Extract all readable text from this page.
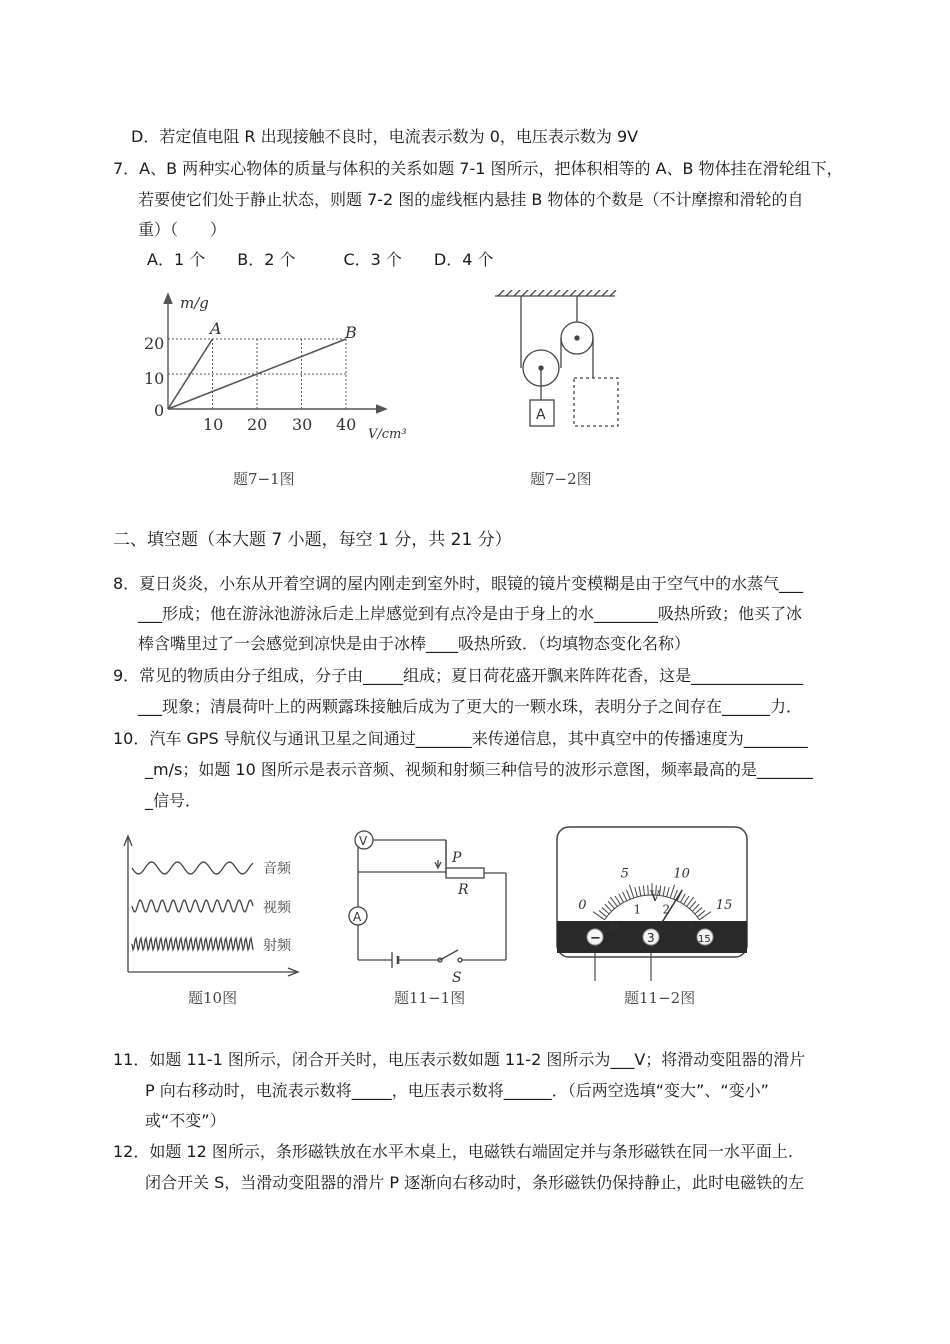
D．若定值电阻 R 出现接触不良时，电流表示数为 0，电压表示数为 9V
7．A、B 两种实心物体的质量与体积的关系如题 7-1 图所示，把体积相等的 A、B 物体挂在滑轮组下，
若要使它们处于静止状态，则题 7-2 图的虚线框内悬挂 B 物体的个数是（不计摩擦和滑轮的自
重）（　　）
A．1 个　　B．2 个　　　C．3 个　　D．4 个
m/g
V/cm³
0
10 20 30 40
10
20
A	B
题7−1图
A
题7−2图
二、填空题（本大题 7 小题，每空 1 分，共 21 分）
8．夏日炎炎，小东从开着空调的屋内刚走到室外时，眼镜的镜片变模糊是由于空气中的水蒸气___
___形成；他在游泳池游泳后走上岸感觉到有点冷是由于身上的水________吸热所致；他买了冰
棒含嘴里过了一会感觉到凉快是由于冰棒____吸热所致．（均填物态变化名称）
9．常见的物质由分子组成，分子由_____组成；夏日荷花盛开飘来阵阵花香，这是______________
___现象；清晨荷叶上的两颗露珠接触后成为了更大的一颗水珠，表明分子之间存在______力．
10．汽车 GPS 导航仪与通讯卫星之间通过_______来传递信息，其中真空中的传播速度为________
_m/s；如题 10 图所示是表示音频、视频和射频三种信号的波形示意图，频率最高的是_______
_信号．
音频
视频
射频
题10图
V
A
P
R
S
题11−1图
−	3	15
V
0
5	10
15
0
1 2
3
题11−2图
11．如题 11-1 图所示，闭合开关时，电压表示数如题 11-2 图所示为___V；将滑动变阻器的滑片
P 向右移动时，电流表示数将_____，电压表示数将______．（后两空选填“变大”、“变小”
或“不变”）
12．如题 12 图所示，条形磁铁放在水平木桌上，电磁铁右端固定并与条形磁铁在同一水平面上.
闭合开关 S，当滑动变阻器的滑片 P 逐渐向右移动时，条形磁铁仍保持静止，此时电磁铁的左
